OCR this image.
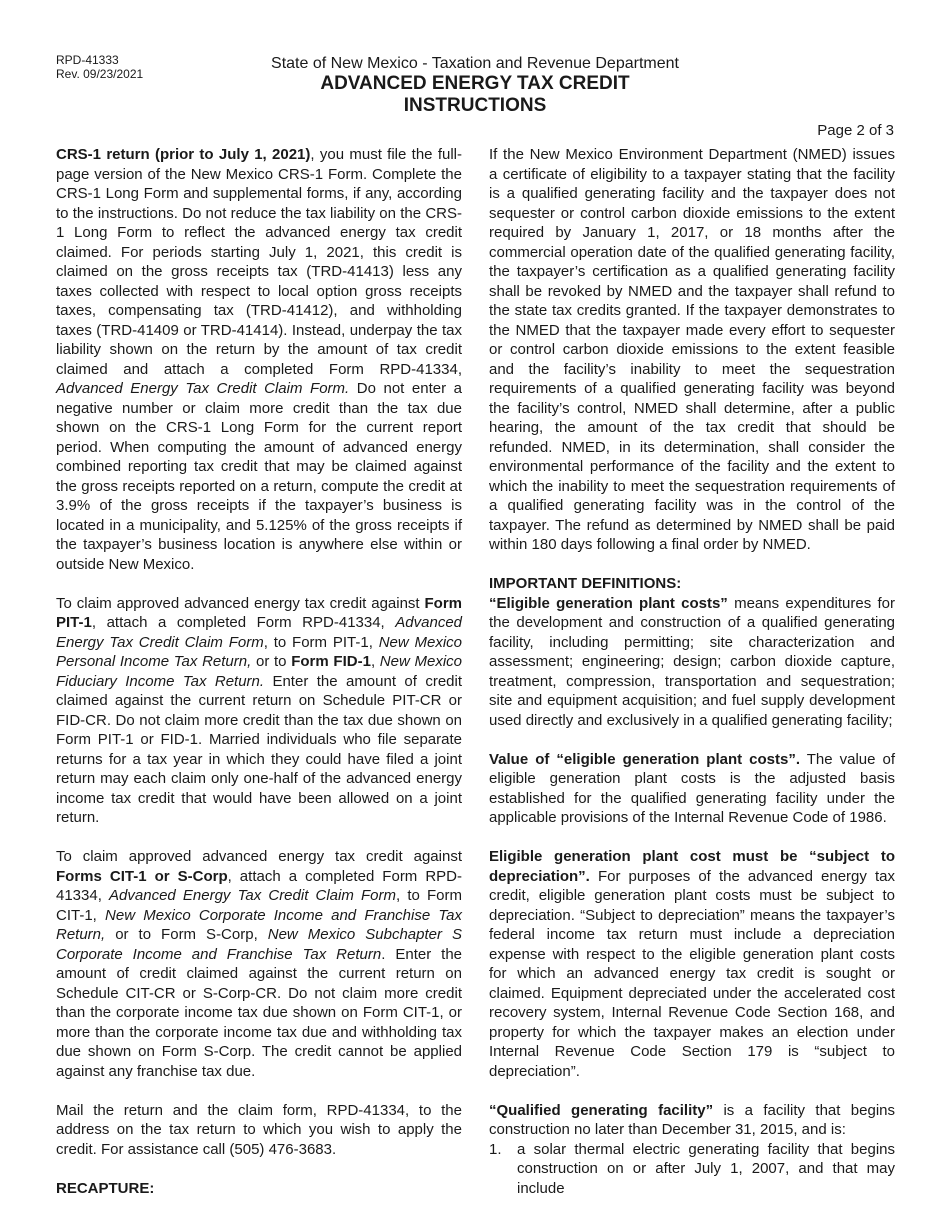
RPD-41333
Rev. 09/23/2021
State of New Mexico - Taxation and Revenue Department
ADVANCED ENERGY TAX CREDIT
INSTRUCTIONS
Page 2 of 3

CRS-1 return (prior to July 1, 2021), you must file the full-page version of the New Mexico CRS-1 Form. Complete the CRS-1 Long Form and supplemental forms, if any, according to the instructions. Do not reduce the tax liability on the CRS-1 Long Form to reflect the advanced energy tax credit claimed. For periods starting July 1, 2021, this credit is claimed on the gross receipts tax (TRD-41413) less any taxes collected with respect to local option gross receipts taxes, compensating tax (TRD-41412), and withholding taxes (TRD-41409 or TRD-41414). Instead, underpay the tax liability shown on the return by the amount of tax credit claimed and attach a completed Form RPD-41334, Advanced Energy Tax Credit Claim Form. Do not enter a negative number or claim more credit than the tax due shown on the CRS-1 Long Form for the current report period. When computing the amount of advanced energy combined reporting tax credit that may be claimed against the gross receipts reported on a return, compute the credit at 3.9% of the gross receipts if the taxpayer’s business is located in a municipality, and 5.125% of the gross receipts if the taxpayer’s business location is anywhere else within or outside New Mexico.

To claim approved advanced energy tax credit against Form PIT-1, attach a completed Form RPD-41334, Advanced Energy Tax Credit Claim Form, to Form PIT-1, New Mexico Personal Income Tax Return, or to Form FID-1, New Mexico Fiduciary Income Tax Return. Enter the amount of credit claimed against the current return on Schedule PIT-CR or FID-CR. Do not claim more credit than the tax due shown on Form PIT-1 or FID-1. Married individuals who file separate returns for a tax year in which they could have filed a joint return may each claim only one-half of the advanced energy income tax credit that would have been allowed on a joint return.

To claim approved advanced energy tax credit against Forms CIT-1 or S-Corp, attach a completed Form RPD-41334, Advanced Energy Tax Credit Claim Form, to Form CIT-1, New Mexico Corporate Income and Franchise Tax Return, or to Form S-Corp, New Mexico Subchapter S Corporate Income and Franchise Tax Return. Enter the amount of credit claimed against the current return on Schedule CIT-CR or S-Corp-CR. Do not claim more credit than the corporate income tax due shown on Form CIT-1, or more than the corporate income tax due and withholding tax due shown on Form S-Corp. The credit cannot be applied against any franchise tax due.

Mail the return and the claim form, RPD-41334, to the address on the tax return to which you wish to apply the credit. For assistance call (505) 476-3683.

RECAPTURE:

If the New Mexico Environment Department (NMED) issues a certificate of eligibility to a taxpayer stating that the facility is a qualified generating facility and the taxpayer does not sequester or control carbon dioxide emissions to the extent required by January 1, 2017, or 18 months after the commercial operation date of the qualified generating facility, the taxpayer’s certification as a qualified generating facility shall be revoked by NMED and the taxpayer shall refund to the state tax credits granted. If the taxpayer demonstrates to the NMED that the taxpayer made every effort to sequester or control carbon dioxide emissions to the extent feasible and the facility’s inability to meet the sequestration requirements of a qualified generating facility was beyond the facility’s control, NMED shall determine, after a public hearing, the amount of the tax credit that should be refunded. NMED, in its determination, shall consider the environmental performance of the facility and the extent to which the inability to meet the sequestration requirements of a qualified generating facility was in the control of the taxpayer. The refund as determined by NMED shall be paid within 180 days following a final order by NMED.

IMPORTANT DEFINITIONS:

“Eligible generation plant costs” means expenditures for the development and construction of a qualified generating facility, including permitting; site characterization and assessment; engineering; design; carbon dioxide capture, treatment, compression, transportation and sequestration; site and equipment acquisition; and fuel supply development used directly and exclusively in a qualified generating facility;

Value of “eligible generation plant costs”. The value of eligible generation plant costs is the adjusted basis established for the qualified generating facility under the applicable provisions of the Internal Revenue Code of 1986.

Eligible generation plant cost must be “subject to depreciation”. For purposes of the advanced energy tax credit, eligible generation plant costs must be subject to depreciation. “Subject to depreciation” means the taxpayer’s federal income tax return must include a depreciation expense with respect to the eligible generation plant costs for which an advanced energy tax credit is sought or claimed. Equipment depreciated under the accelerated cost recovery system, Internal Revenue Code Section 168, and property for which the taxpayer makes an election under Internal Revenue Code Section 179 is “subject to depreciation”.

“Qualified generating facility” is a facility that begins construction no later than December 31, 2015, and is:
1. a solar thermal electric generating facility that begins construction on or after July 1, 2007, and that may include
